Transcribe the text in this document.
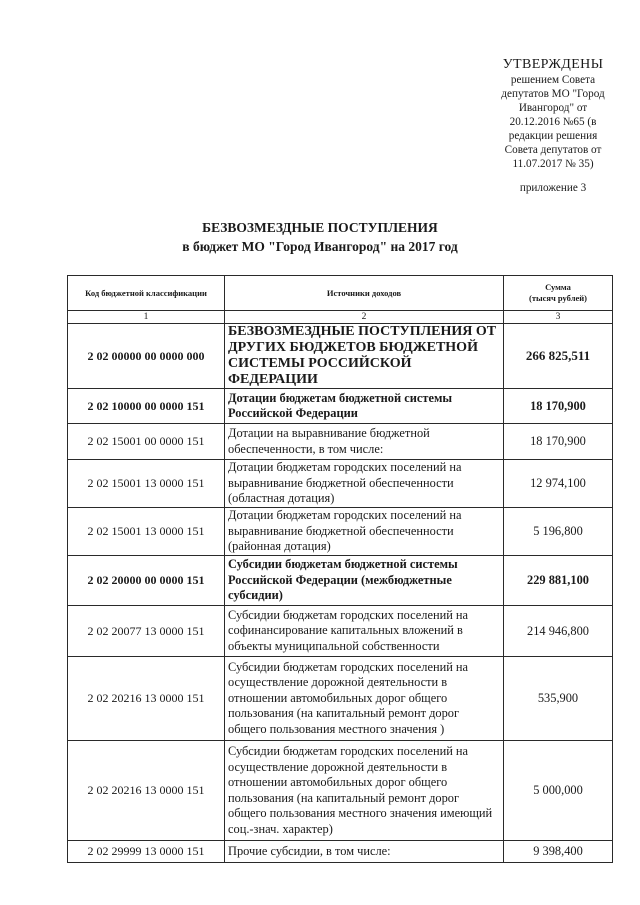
УТВЕРЖДЕНЫ
решением Совета
депутатов МО "Город
Ивангород" от
20.12.2016 №65 (в
редакции решения
Совета депутатов от
11.07.2017 № 35)
приложение 3
БЕЗВОЗМЕЗДНЫЕ ПОСТУПЛЕНИЯ
в бюджет МО "Город Ивангород" на 2017 год
Код бюджетной классификации	Источники доходов	Сумма
(тысяч рублей)
1	2	3
2 02 00000 00 0000 000	БЕЗВОЗМЕЗДНЫЕ ПОСТУПЛЕНИЯ ОТ ДРУГИХ БЮДЖЕТОВ БЮДЖЕТНОЙ СИСТЕМЫ РОССИЙСКОЙ ФЕДЕРАЦИИ	266 825,511
2 02 10000 00 0000 151	Дотации бюджетам бюджетной системы Российской Федерации	18 170,900
2 02 15001 00 0000 151	Дотации на выравнивание бюджетной обеспеченности, в том числе:	18 170,900
2 02 15001 13 0000 151	Дотации бюджетам городских поселений на выравнивание бюджетной обеспеченности (областная дотация)	12 974,100
2 02 15001 13 0000 151	Дотации бюджетам городских поселений на выравнивание бюджетной обеспеченности (районная дотация)	5 196,800
2 02 20000 00 0000 151	Субсидии бюджетам бюджетной системы Российской Федерации (межбюджетные субсидии)	229 881,100
2 02 20077 13 0000 151	Субсидии бюджетам городских поселений на софинансирование капитальных вложений в объекты муниципальной собственности	214 946,800
2 02 20216 13 0000 151	Субсидии бюджетам городских поселений на осуществление дорожной деятельности в отношении автомобильных дорог общего пользования (на капитальный ремонт дорог общего пользования местного значения )	535,900
2 02 20216 13 0000 151	Субсидии бюджетам городских поселений на осуществление дорожной деятельности в отношении автомобильных дорог общего пользования (на капитальный ремонт дорог общего пользования местного значения имеющий соц.-знач. характер)	5 000,000
2 02 29999 13 0000 151	Прочие субсидии, в том числе:	9 398,400
